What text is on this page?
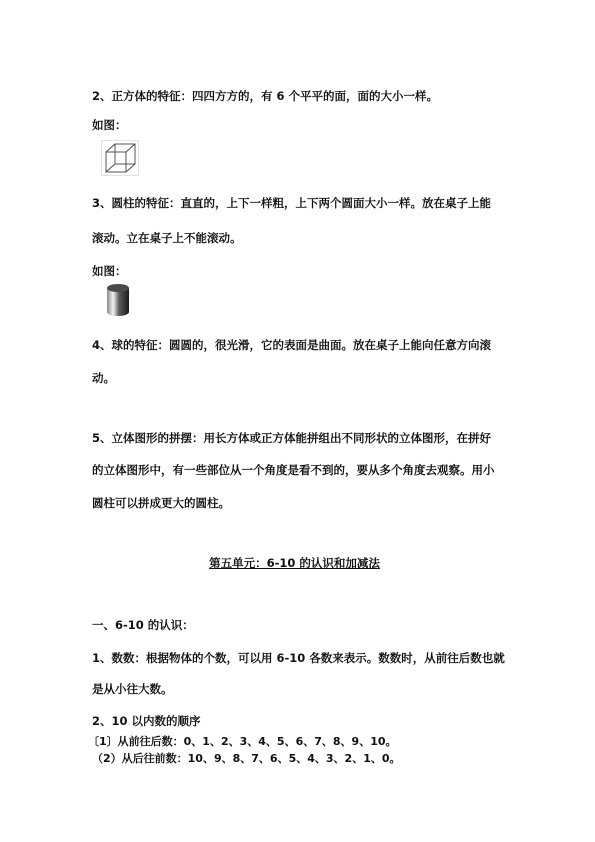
2、正方体的特征：四四方方的，有 6 个平平的面，面的大小一样。
如图：
3、圆柱的特征：直直的，上下一样粗，上下两个圆面大小一样。放在桌子上能
滚动。立在桌子上不能滚动。
如图：
4、球的特征：圆圆的，很光滑，它的表面是曲面。放在桌子上能向任意方向滚
动。
5、立体图形的拼摆：用长方体或正方体能拼组出不同形状的立体图形，在拼好
的立体图形中，有一些部位从一个角度是看不到的，要从多个角度去观察。用小
圆柱可以拼成更大的圆柱。
第五单元：6-10 的认识和加减法
一、6-10 的认识：
1、数数：根据物体的个数，可以用 6-10 各数来表示。数数时，从前往后数也就
是从小往大数。
2、10 以内数的顺序
〔1〕从前往后数：0、1、2、3、4、5、6、7、8、9、10。
（2）从后往前数：10、9、8、7、6、5、4、3、2、1、0。
